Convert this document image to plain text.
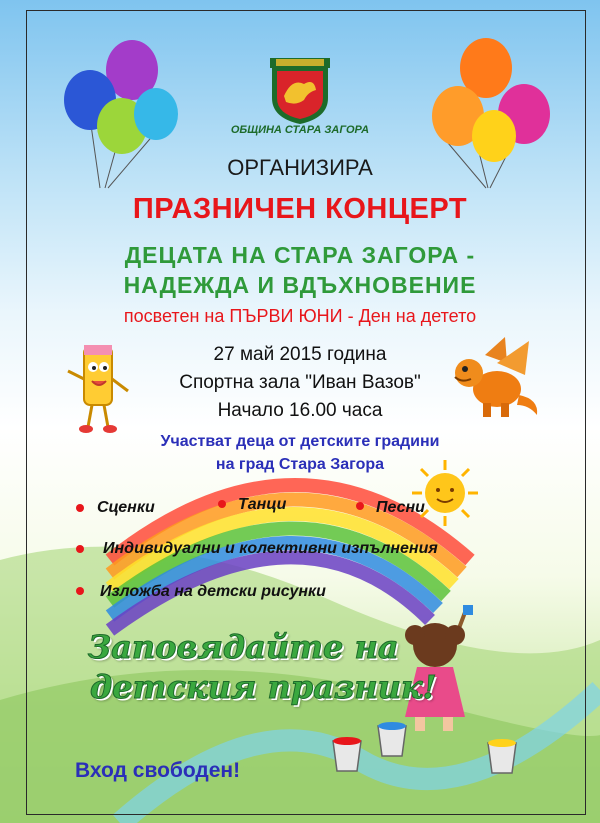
ОБЩИНА СТАРА ЗАГОРА
ОРГАНИЗИРА
ПРАЗНИЧЕН КОНЦЕРТ
ДЕЦАТА НА СТАРА ЗАГОРА -
НАДЕЖДА И ВДЪХНОВЕНИЕ
посветен на ПЪРВИ ЮНИ - Ден на детето
27 май 2015 година
Спортна зала "Иван Вазов"
Начало 16.00 часа
Участват деца от детските градини
на град Стара Загора
Сценки	Танци	Песни
Индивидуални и колективни изпълнения
Изложба на детски рисунки
Заповядайте на
детския празник!
Вход свободен!
